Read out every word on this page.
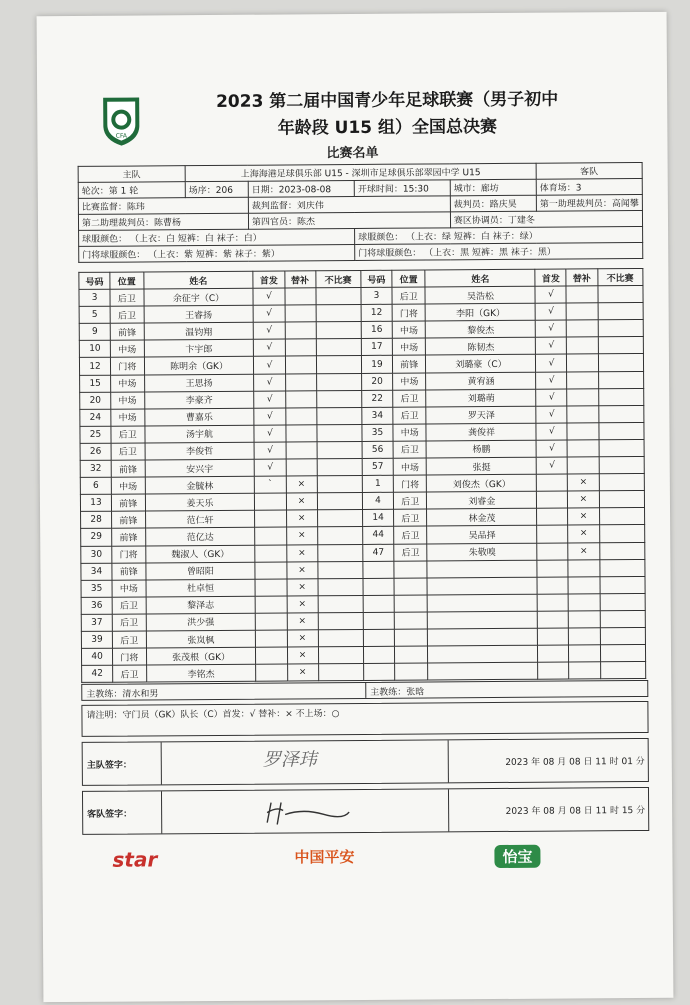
CFA
2023 第二届中国青少年足球联赛（男子初中
年龄段 U15 组）全国总决赛
比赛名单
主队	上海海港足球俱乐部 U15 - 深圳市足球俱乐部翠园中学 U15				客队
轮次：第 1 轮	场序：206	日期：2023-08-08	开球时间：15:30	城市：廊坊	体育场：3
比赛监督：陈玮		裁判监督：刘庆伟		裁判员：路庆昊	第一助理裁判员：高闻攀
第二助理裁判员：陈曹杨		第四官员：陈杰		赛区协调员：丁建冬	
球服颜色： （上衣：白 短裤：白 袜子：白）			球服颜色： （上衣：绿 短裤：白 袜子：绿）		
门将球服颜色： （上衣：紫 短裤：紫 袜子：紫）			门将球服颜色： （上衣：黑 短裤：黑 袜子：黑）		
号码	位置	姓名	首发	替补	不比赛	号码	位置	姓名	首发	替补	不比赛
3	后卫	余征宇（C）	√			3	后卫	吴浩松	√		
5	后卫	王睿扬	√			12	门将	李阳（GK）	√		
9	前锋	温钧翔	√			16	中场	黎俊杰	√		
10	中场	卞宇郎	√			17	中场	陈韧杰	√		
12	门将	陈明余（GK）	√			19	前锋	刘璐豪（C）	√		
15	中场	王思扬	√			20	中场	黄宥涵	√		
20	中场	李豪齐	√			22	后卫	刘璐萌	√		
24	中场	曹嘉乐	√			34	后卫	罗天泽	√		
25	后卫	汤宇航	√			35	中场	龚俊祥	√		
26	后卫	李俊哲	√			56	后卫	杨鹏	√		
32	前锋	安兴宇	√			57	中场	张挺	√		
6	中场	金毓林	`	×		1	门将	刘俊杰（GK）		×	
13	前锋	姜天乐		×		4	后卫	刘睿金		×	
28	前锋	范仁轩		×		14	后卫	林金茂		×	
29	前锋	范亿达		×		44	后卫	吴品择		×	
30	门将	魏淑人（GK）		×		47	后卫	朱敬嗅		×	
34	前锋	曾昭阳		×							
35	中场	杜卓恒		×							
36	后卫	黎泽志		×							
37	后卫	洪少强		×							
39	后卫	张岚枫		×							
40	门将	张茂根（GK）		×							
42	后卫	李铭杰		×							
主教练：清水和男	主教练：张晗
请注明：守门员（GK）队长（C）首发：√ 替补：× 不上场：○
主队签字：	罗泽玮	2023 年 08 月 08 日 11 时 01 分
客队签字：	2023 年 08 月 08 日 11 时 15 分
star	中国平安	怡宝
